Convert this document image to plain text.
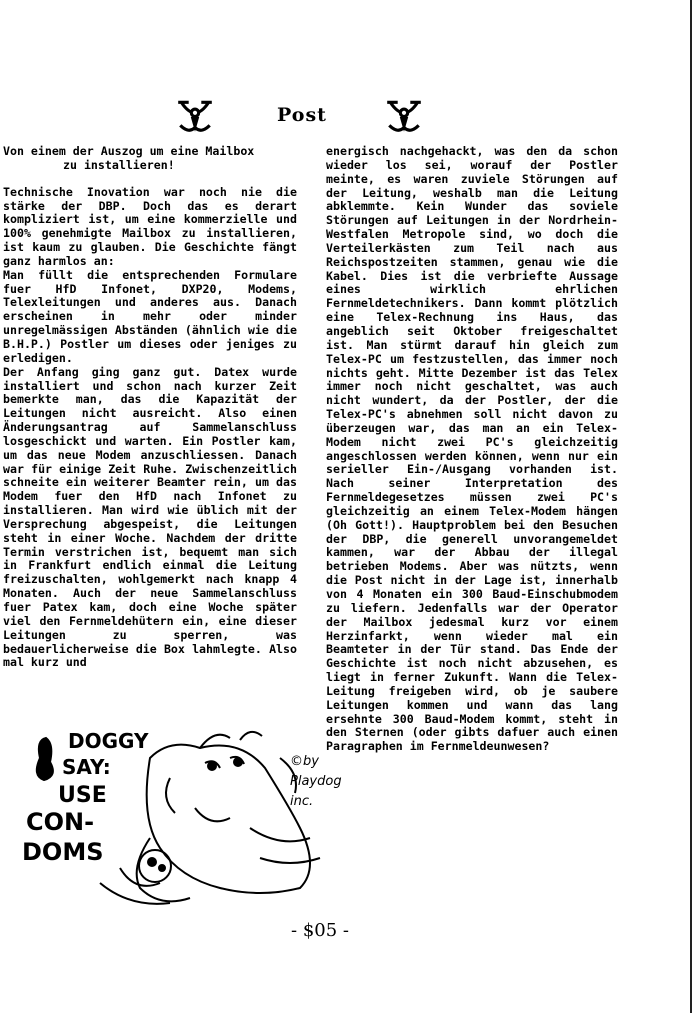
Post

Von einem der Auszog um eine Mailbox

zu installieren!

Technische Inovation war noch nie die stärke der DBP. Doch das es derart kompliziert ist, um eine kommerzielle und 100% genehmigte Mailbox zu installieren, ist kaum zu glauben. Die Geschichte fängt ganz harmlos an:

Man füllt die entsprechenden Formulare fuer HfD Infonet, DXP20, Modems, Telexleitungen und anderes aus. Danach erscheinen in mehr oder minder unregelmässigen Abständen (ähnlich wie die B.H.P.) Postler um dieses oder jeniges zu erledigen.

Der Anfang ging ganz gut. Datex wurde installiert und schon nach kurzer Zeit bemerkte man, das die Kapazität der Leitungen nicht ausreicht. Also einen Änderungsantrag auf Sammelanschluss losgeschickt und warten. Ein Postler kam, um das neue Modem anzuschliessen. Danach war für einige Zeit Ruhe. Zwischenzeitlich schneite ein weiterer Beamter rein, um das Modem fuer den HfD nach Infonet zu installieren. Man wird wie üblich mit der Versprechung abgespeist, die Leitungen steht in einer Woche. Nachdem der dritte Termin verstrichen ist, bequemt man sich in Frankfurt endlich einmal die Leitung freizuschalten, wohlgemerkt nach knapp 4 Monaten. Auch der neue Sammelanschluss fuer Patex kam, doch eine Woche später viel den Fernmeldehütern ein, eine dieser Leitungen zu sperren, was bedauerlicherweise die Box lahmlegte. Also mal kurz und

energisch nachgehackt, was den da schon wieder los sei, worauf der Postler meinte, es waren zuviele Störungen auf der Leitung, weshalb man die Leitung abklemmte. Kein Wunder das soviele Störungen auf Leitungen in der Nordrhein-Westfalen Metropole sind, wo doch die Verteilerkästen zum Teil nach aus Reichspostzeiten stammen, genau wie die Kabel. Dies ist die verbriefte Aussage eines wirklich ehrlichen Fernmeldetechnikers. Dann kommt plötzlich eine Telex-Rechnung ins Haus, das angeblich seit Oktober freigeschaltet ist. Man stürmt darauf hin gleich zum Telex-PC um festzustellen, das immer noch nichts geht. Mitte Dezember ist das Telex immer noch nicht geschaltet, was auch nicht wundert, da der Postler, der die Telex-PC's abnehmen soll nicht davon zu überzeugen war, das man an ein Telex-Modem nicht zwei PC's gleichzeitig angeschlossen werden können, wenn nur ein serieller Ein-/Ausgang vorhanden ist. Nach seiner Interpretation des Fernmeldegesetzes müssen zwei PC's gleichzeitig an einem Telex-Modem hängen (Oh Gott!). Hauptproblem bei den Besuchen der DBP, die generell unvorangemeldet kammen, war der Abbau der illegal betrieben Modems. Aber was nützts, wenn die Post nicht in der Lage ist, innerhalb von 4 Monaten ein 300 Baud-Einschubmodem zu liefern. Jedenfalls war der Operator der Mailbox jedesmal kurz vor einem Herzinfarkt, wenn wieder mal ein Beamteter in der Tür stand. Das Ende der Geschichte ist noch nicht abzusehen, es liegt in ferner Zukunft. Wann die Telex-Leitung freigeben wird, ob je saubere Leitungen kommen und wann das lang ersehnte 300 Baud-Modem kommt, steht in den Sternen (oder gibts dafuer auch einen Paragraphen im Fernmeldeunwesen?

DOGGY
SAY:
USE
CON-
DOMS
©by
Playdog
inc.
- $05 -
